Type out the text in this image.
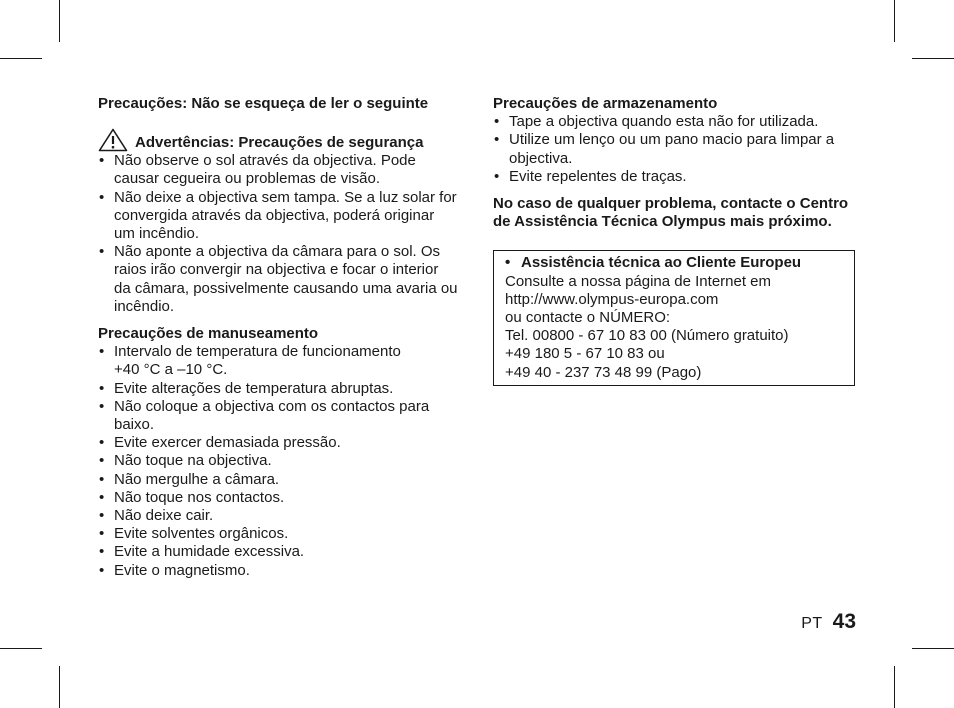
Precauções: Não se esqueça de ler o seguinte

Advertências: Precauções de segurança

• Não observe o sol através da objectiva. Pode causar cegueira ou problemas de visão.
• Não deixe a objectiva sem tampa. Se a luz solar for convergida através da objectiva, poderá originar um incêndio.
• Não aponte a objectiva da câmara para o sol. Os raios irão convergir na objectiva e focar o interior da câmara, possivelmente causando uma avaria ou incêndio.

Precauções de manuseamento

• Intervalo de temperatura de funcionamento
+40 °C a –10 °C.
• Evite alterações de temperatura abruptas.
• Não coloque a objectiva com os contactos para baixo.
• Evite exercer demasiada pressão.
• Não toque na objectiva.
• Não mergulhe a câmara.
• Não toque nos contactos.
• Não deixe cair.
• Evite solventes orgânicos.
• Evite a humidade excessiva.
• Evite o magnetismo.

Precauções de armazenamento

• Tape a objectiva quando esta não for utilizada.
• Utilize um lenço ou um pano macio para limpar a objectiva.
• Evite repelentes de traças.

No caso de qualquer problema, contacte o Centro de Assistência Técnica Olympus mais próximo.

• Assistência técnica ao Cliente Europeu
Consulte a nossa página de Internet em
http://www.olympus-europa.com
ou contacte o NÚMERO:
Tel. 00800 - 67 10 83 00 (Número gratuito)
+49 180 5 - 67 10 83 ou
+49 40 - 237 73 48 99 (Pago)
PT 43
